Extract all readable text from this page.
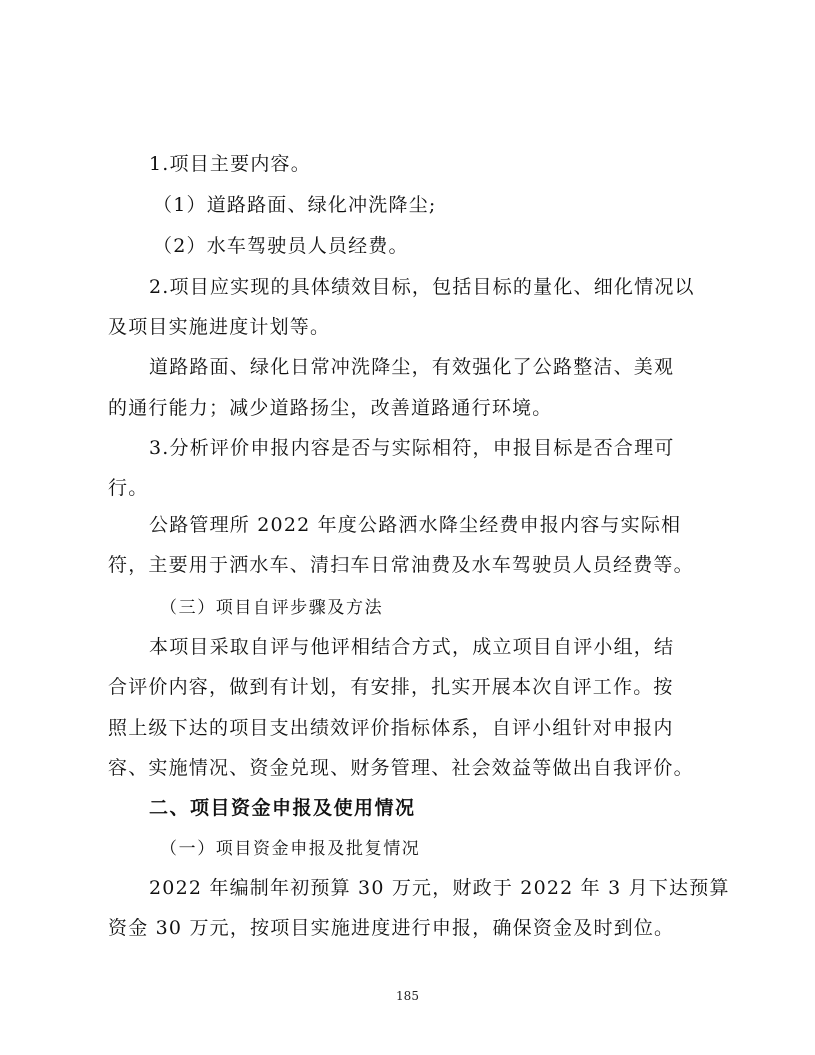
1.项目主要内容。
（1）道路路面、绿化冲洗降尘;
（2）水车驾驶员人员经费。
2.项目应实现的具体绩效目标，包括目标的量化、细化情况以
及项目实施进度计划等。
道路路面、绿化日常冲洗降尘，有效强化了公路整洁、美观
的通行能力；减少道路扬尘，改善道路通行环境。
3.分析评价申报内容是否与实际相符，申报目标是否合理可
行。
公路管理所 2022 年度公路洒水降尘经费申报内容与实际相
符，主要用于洒水车、清扫车日常油费及水车驾驶员人员经费等。
（三）项目自评步骤及方法
本项目采取自评与他评相结合方式，成立项目自评小组，结
合评价内容，做到有计划，有安排，扎实开展本次自评工作。按
照上级下达的项目支出绩效评价指标体系，自评小组针对申报内
容、实施情况、资金兑现、财务管理、社会效益等做出自我评价。
二、项目资金申报及使用情况
（一）项目资金申报及批复情况
2022 年编制年初预算 30 万元，财政于 2022 年 3 月下达预算
资金 30 万元，按项目实施进度进行申报，确保资金及时到位。
185
